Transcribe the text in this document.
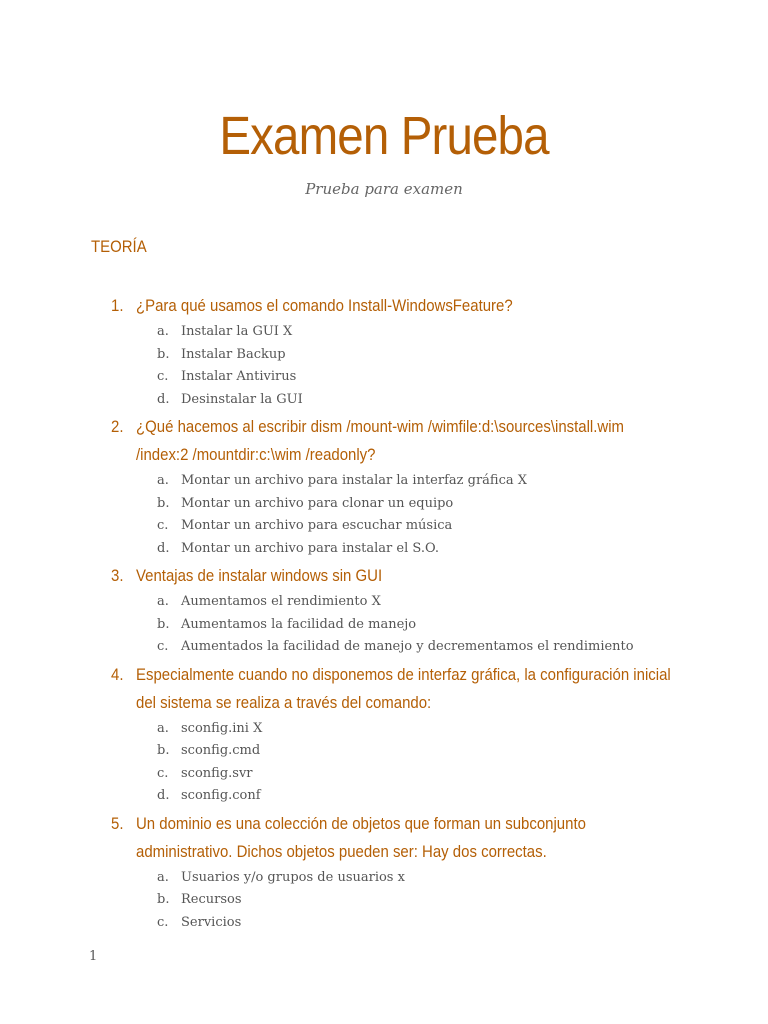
Examen Prueba
Prueba para examen
TEORÍA
1. ¿Para qué usamos el comando Install-WindowsFeature?
a. Instalar la GUI X
b. Instalar Backup
c. Instalar Antivirus
d. Desinstalar la GUI
2. ¿Qué hacemos al escribir dism /mount-wim /wimfile:d:\sources\install.wim /index:2 /mountdir:c:\wim /readonly?
a. Montar un archivo para instalar la interfaz gráfica X
b. Montar un archivo para clonar un equipo
c. Montar un archivo para escuchar música
d. Montar un archivo para instalar el S.O.
3. Ventajas de instalar windows sin GUI
a. Aumentamos el rendimiento X
b. Aumentamos la facilidad de manejo
c. Aumentados la facilidad de manejo y decrementamos el rendimiento
4. Especialmente cuando no disponemos de interfaz gráfica, la configuración inicial del sistema se realiza a través del comando:
a. sconfig.ini X
b. sconfig.cmd
c. sconfig.svr
d. sconfig.conf
5. Un dominio es una colección de objetos que forman un subconjunto administrativo. Dichos objetos pueden ser: Hay dos correctas.
a. Usuarios y/o grupos de usuarios x
b. Recursos
c. Servicios
1
